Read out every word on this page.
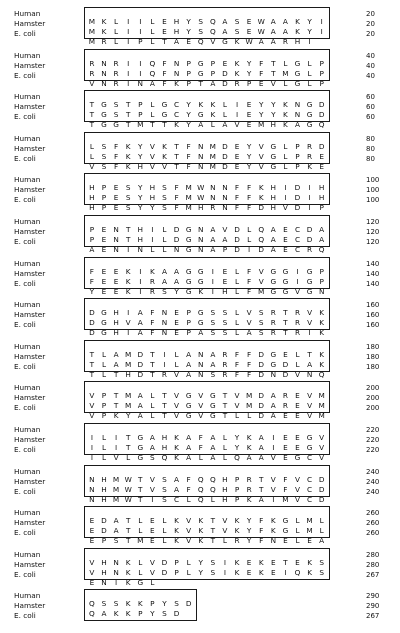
Human
Hamster
E. coli
M K L I I L E H Y S Q A S E W A A K Y I
M K L I I L E H Y S Q A S E W A A K Y I
M R L I P L T A E Q V G K W A A R H I
20
20
20
Human
Hamster
E. coli
R N R I I Q F N P G P E K Y F T L G L P
R N R I I Q F N P G P D K Y F T M G L P
V N R I N A F K P T A D R P E V L G L P
40
40
40
Human
Hamster
E. coli
T G S T P L G C Y K K L I E Y Y K N G D
T G S T P L G C Y G K L I E Y Y K N G D
T G G T M T T K Y A L A V E M H K A G Q
60
60
60
Human
Hamster
E. coli
L S F K Y V K T F N M D E Y V G L P R D
L S F K Y V K T F N M D E Y V G L P R E
V S F K H V V T F N M D E Y V G L P K E
80
80
80
Human
Hamster
E. coli
H P E S Y H S F M W N N F F K H I D I H
H P E S Y H S F M W N N F F K H I D I H
H P E S Y Y S F M H R N F F D H V D I P
100
100
100
Human
Hamster
E. coli
P E N T H I L D G N A V D L Q A E C D A
P E N T H I L D G N A A D L Q A E C D A
A E N I N L L N G N A P D I D A E C R Q
120
120
120
Human
Hamster
E. coli
F E E K I K A A G G I E L F V G G I G P
F E E K I R A A G G I E L F V G G I G P
Y E E K I R S Y G K I H L F M G G V G N
140
140
140
Human
Hamster
E. coli
D G H I A F N E P G S S L V S R T R V K
D G H V A F N E P G S S L V S R T R V K
D G H I A F N E P A S S L A S R T R I K
160
160
160
Human
Hamster
E. coli
T L A M D T I L A N A R F F D G E L T K
T L A M D T I L A N A R F F D G D L A K
T L T H D T R V A N S R F F D N D V N Q
180
180
180
Human
Hamster
E. coli
V P T M A L T V G V G T V M D A R E V M
V P T M A L T V G V G T V M D A R E V M
V P K Y A L T V G V G T L L D A E E V M
200
200
200
Human
Hamster
E. coli
I L I T G A H K A F A L Y K A I E E G V
I L I T G A H K A F A L Y K A I E E G V
I L V L G S Q K A L A L Q A A V E G C V
220
220
220
Human
Hamster
E. coli
N H M W T V S A F Q Q H P R T V F V C D
N H M W T V S A F Q Q H P R T V F V C D
N H M W T I S C L Q L H P K A I M V C D
240
240
240
Human
Hamster
E. coli
E D A T L E L K V K T V K Y F K G L M L
E D A T L E L K V K T V K Y F K G L M L
E P S T M E L K V K T L R Y F N E L E A
260
260
260
Human
Hamster
E. coli
V H N K L V D P L Y S I K E K E T E K S
V H N K L V D P L Y S I K E K E I Q K S
E N I K G L
280
280
267
Human
Hamster
E. coli
Q S S K K P Y S D
Q A K K P Y S D
290
290
267
